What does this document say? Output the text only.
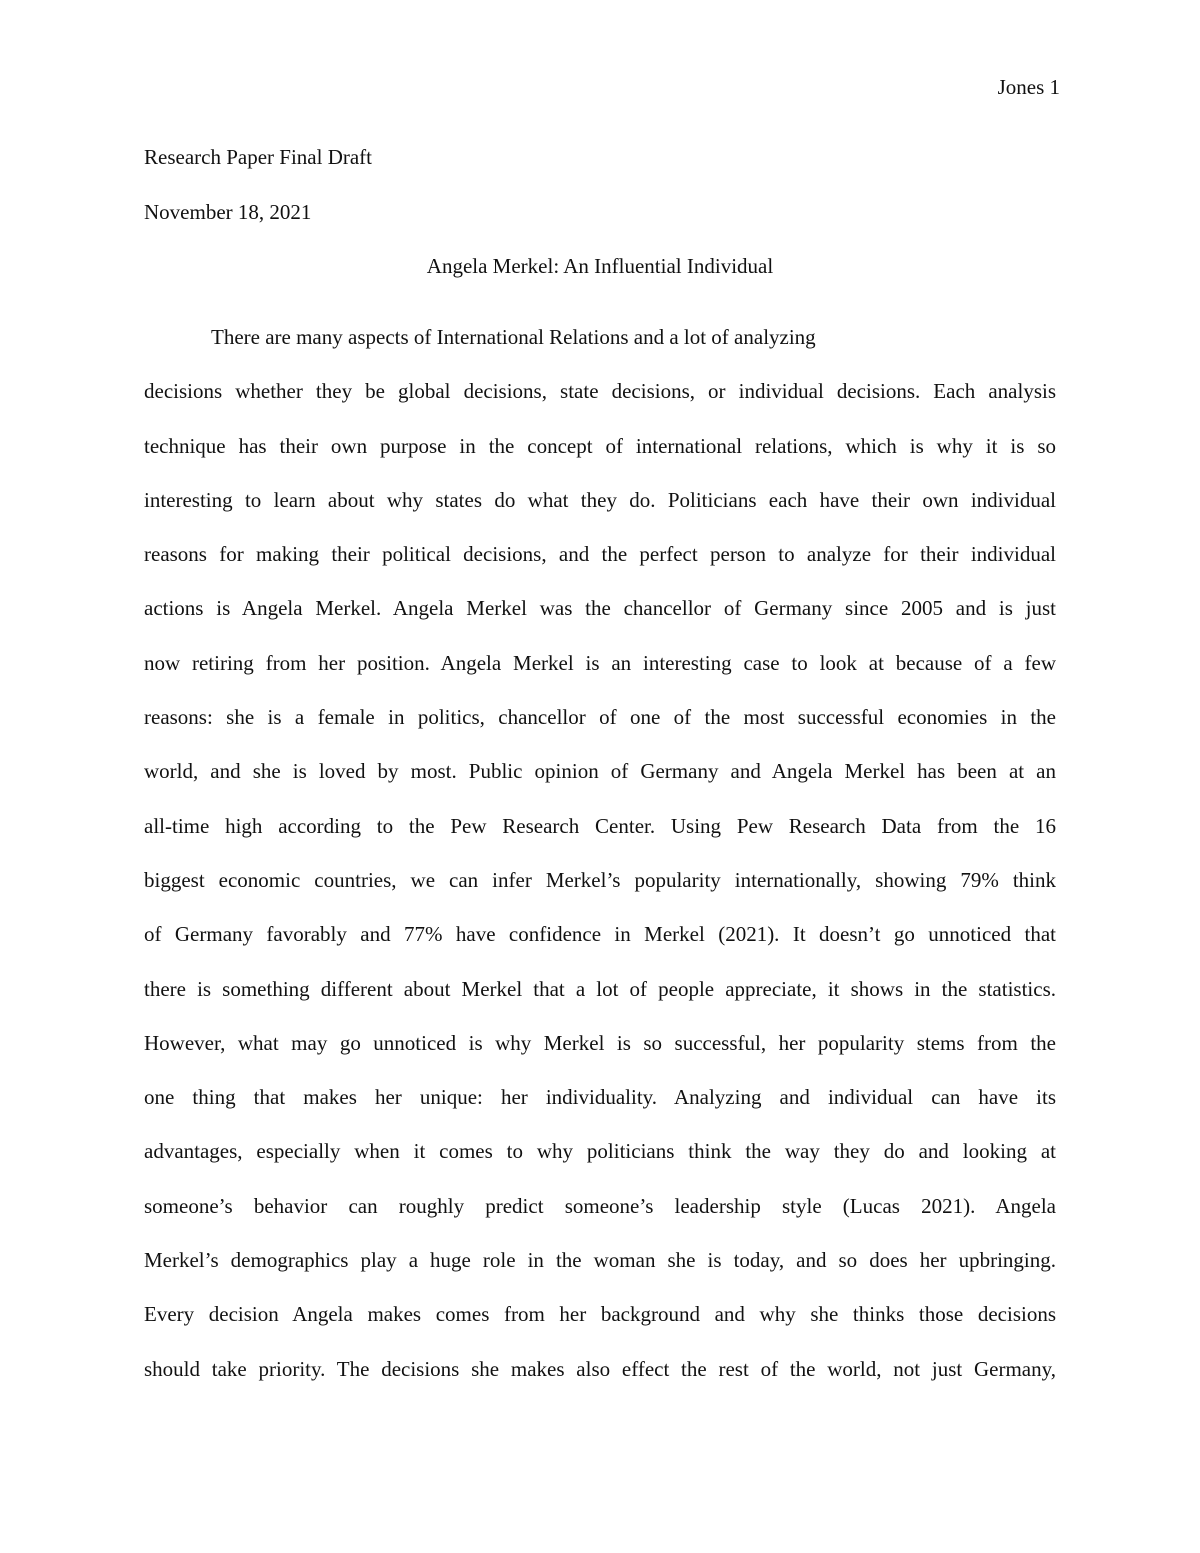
Jones 1
Research Paper Final Draft
November 18, 2021
Angela Merkel: An Influential Individual
There are many aspects of International Relations and a lot of analyzing
decisions whether they be global decisions, state decisions, or individual decisions. Each analysis
technique has their own purpose in the concept of international relations, which is why it is so
interesting to learn about why states do what they do. Politicians each have their own individual
reasons for making their political decisions, and the perfect person to analyze for their individual
actions is Angela Merkel. Angela Merkel was the chancellor of Germany since 2005 and is just
now retiring from her position. Angela Merkel is an interesting case to look at because of a few
reasons: she is a female in politics, chancellor of one of the most successful economies in the
world, and she is loved by most. Public opinion of Germany and Angela Merkel has been at an
all-time high according to the Pew Research Center. Using Pew Research Data from the 16
biggest economic countries, we can infer Merkel’s popularity internationally, showing 79% think
of Germany favorably and 77% have confidence in Merkel (2021). It doesn’t go unnoticed that
there is something different about Merkel that a lot of people appreciate, it shows in the statistics.
However, what may go unnoticed is why Merkel is so successful, her popularity stems from the
one thing that makes her unique: her individuality. Analyzing and individual can have its
advantages, especially when it comes to why politicians think the way they do and looking at
someone’s behavior can roughly predict someone’s leadership style (Lucas 2021). Angela
Merkel’s demographics play a huge role in the woman she is today, and so does her upbringing.
Every decision Angela makes comes from her background and why she thinks those decisions
should take priority. The decisions she makes also effect the rest of the world, not just Germany,
